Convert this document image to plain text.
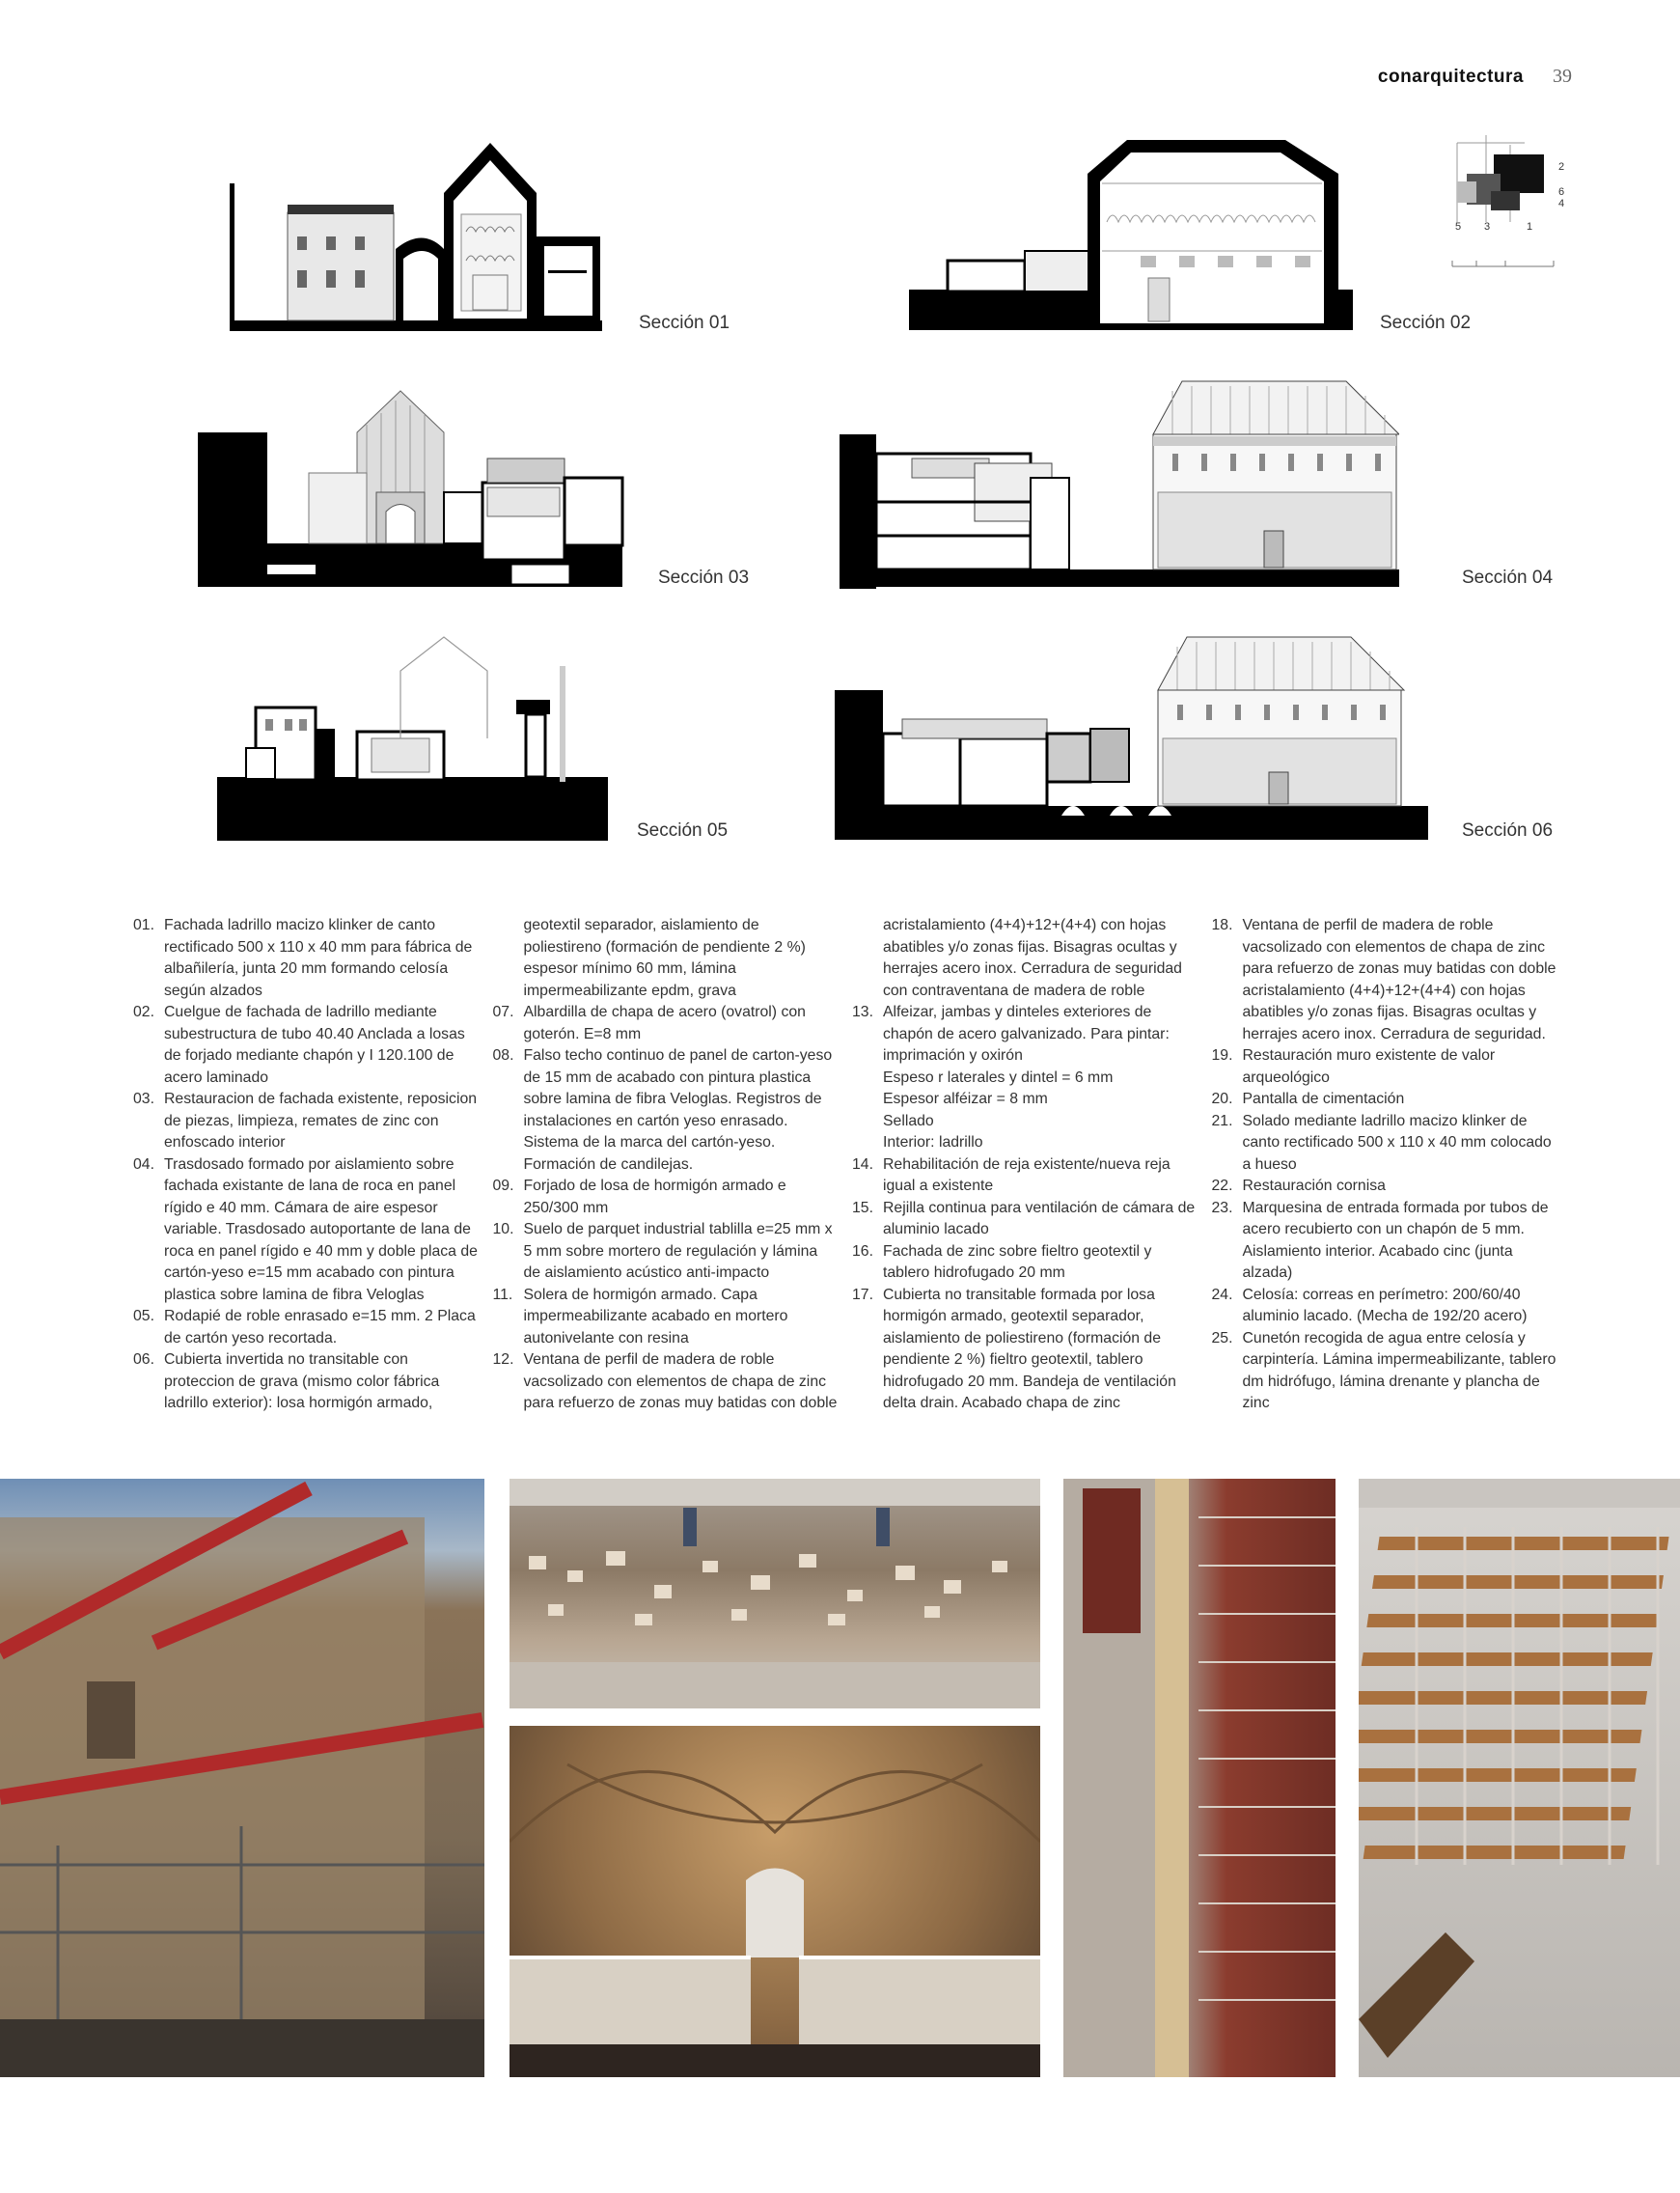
conarquitectura 39
Sección 01	Sección 02
2
6
4
5 3	1
Sección 03	Sección 04
Sección 05	Sección 06
01. Fachada ladrillo macizo klinker de canto rectificado 500 x 110 x 40 mm para fábrica de albañilería, junta 20 mm formando celosía según alzados
02. Cuelgue de fachada de ladrillo mediante subestructura de tubo 40.40 Anclada a losas de forjado mediante chapón y I 120.100 de acero laminado
03. Restauracion de fachada existente, reposicion de piezas, limpieza, remates de zinc con enfoscado interior
04. Trasdosado formado por aislamiento sobre fachada existante de lana de roca en panel rígido e 40 mm. Cámara de aire espesor variable. Trasdosado autoportante de lana de roca en panel rígido e 40 mm y doble placa de cartón-yeso e=15 mm acabado con pintura plastica sobre lamina de fibra Veloglas
05. Rodapié de roble enrasado e=15 mm. 2 Placa de cartón yeso recortada.
06. Cubierta invertida no transitable con proteccion de grava (mismo color fábrica ladrillo exterior): losa hormigón armado,
geotextil separador, aislamiento de poliestireno (formación de pendiente 2 %) espesor mínimo 60 mm, lámina impermeabilizante epdm, grava
07. Albardilla de chapa de acero (ovatrol) con goterón. E=8 mm
08. Falso techo continuo de panel de carton-yeso de 15 mm de acabado con pintura plastica sobre lamina de fibra Veloglas. Registros de instalaciones en cartón yeso enrasado. Sistema de la marca del cartón-yeso. Formación de candilejas.
09. Forjado de losa de hormigón armado e 250/300 mm
10. Suelo de parquet industrial tablilla e=25 mm x 5 mm sobre mortero de regulación y lámina de aislamiento acústico anti-impacto
11. Solera de hormigón armado. Capa impermeabilizante acabado en mortero autonivelante con resina
12. Ventana de perfil de madera de roble vacsolizado con elementos de chapa de zinc para refuerzo de zonas muy batidas con doble
acristalamiento (4+4)+12+(4+4) con hojas abatibles y/o zonas fijas. Bisagras ocultas y herrajes acero inox. Cerradura de seguridad con contraventana de madera de roble
13. Alfeizar, jambas y dinteles exteriores de chapón de acero galvanizado. Para pintar: imprimación y oxirón
Espeso r laterales y dintel = 6 mm
Espesor alféizar = 8 mm
Sellado
Interior: ladrillo
14. Rehabilitación de reja existente/nueva reja igual a existente
15. Rejilla continua para ventilación de cámara de aluminio lacado
16. Fachada de zinc sobre fieltro geotextil y tablero hidrofugado 20 mm
17. Cubierta no transitable formada por losa hormigón armado, geotextil separador, aislamiento de poliestireno (formación de pendiente 2 %) fieltro geotextil, tablero hidrofugado 20 mm. Bandeja de ventilación delta drain. Acabado chapa de zinc
18. Ventana de perfil de madera de roble vacsolizado con elementos de chapa de zinc para refuerzo de zonas muy batidas con doble acristalamiento (4+4)+12+(4+4) con hojas abatibles y/o zonas fijas. Bisagras ocultas y herrajes acero inox. Cerradura de seguridad.
19. Restauración muro existente de valor arqueológico
20. Pantalla de cimentación
21. Solado mediante ladrillo macizo klinker de canto rectificado 500 x 110 x 40 mm colocado a hueso
22. Restauración cornisa
23. Marquesina de entrada formada por tubos de acero recubierto con un chapón de 5 mm. Aislamiento interior. Acabado cinc (junta alzada)
24. Celosía: correas en perímetro: 200/60/40 aluminio lacado. (Mecha de 192/20 acero)
25. Cunetón recogida de agua entre celosía y carpintería. Lámina impermeabilizante, tablero dm hidrófugo, lámina drenante y plancha de zinc
